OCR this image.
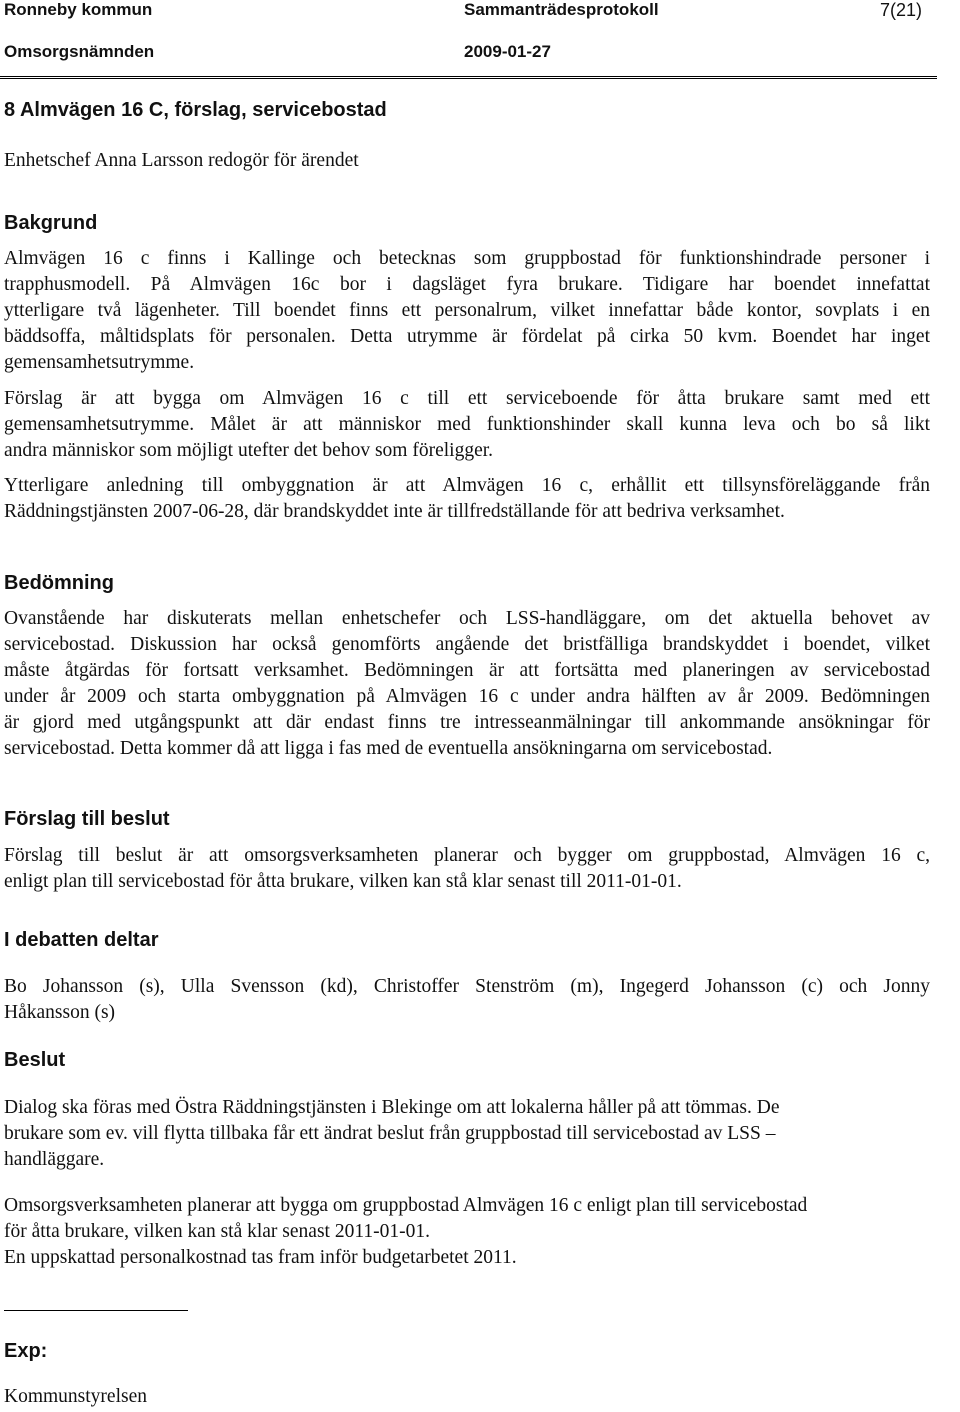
Ronneby kommun	Sammanträdesprotokoll	7(21)
Omsorgsnämnden	2009-01-27
8 Almvägen 16 C, förslag, servicebostad
Enhetschef Anna Larsson redogör för ärendet
Bakgrund
Almvägen 16 c finns i Kallinge och betecknas som gruppbostad för funktionshindrade personer i
trapphusmodell. På Almvägen 16c bor i dagsläget fyra brukare. Tidigare har boendet innefattat
ytterligare två lägenheter. Till boendet finns ett personalrum, vilket innefattar både kontor, sovplats i en
bäddsoffa, måltidsplats för personalen. Detta utrymme är fördelat på cirka 50 kvm. Boendet har inget
gemensamhetsutrymme.
Förslag är att bygga om Almvägen 16 c till ett serviceboende för åtta brukare samt med ett
gemensamhetsutrymme. Målet är att människor med funktionshinder skall kunna leva och bo så likt
andra människor som möjligt utefter det behov som föreligger.
Ytterligare anledning till ombyggnation är att Almvägen 16 c, erhållit ett tillsynsföreläggande från
Räddningstjänsten 2007-06-28, där brandskyddet inte är tillfredställande för att bedriva verksamhet.
Bedömning
Ovanstående har diskuterats mellan enhetschefer och LSS-handläggare, om det aktuella behovet av
servicebostad. Diskussion har också genomförts angående det bristfälliga brandskyddet i boendet, vilket
måste åtgärdas för fortsatt verksamhet. Bedömningen är att fortsätta med planeringen av servicebostad
under år 2009 och starta ombyggnation på Almvägen 16 c under andra hälften av år 2009. Bedömningen
är gjord med utgångspunkt att där endast finns tre intresseanmälningar till ankommande ansökningar för
servicebostad. Detta kommer då att ligga i fas med de eventuella ansökningarna om servicebostad.
Förslag till beslut
Förslag till beslut är att omsorgsverksamheten planerar och bygger om gruppbostad, Almvägen 16 c,
enligt plan till servicebostad för åtta brukare, vilken kan stå klar senast till 2011-01-01.
I debatten deltar
Bo Johansson (s), Ulla Svensson (kd), Christoffer Stenström (m), Ingegerd Johansson (c) och Jonny
Håkansson (s)
Beslut
Dialog ska föras med Östra Räddningstjänsten i Blekinge om att lokalerna håller på att tömmas. De
brukare som ev. vill flytta tillbaka får ett ändrat beslut från gruppbostad till servicebostad av LSS –
handläggare.
Omsorgsverksamheten planerar att bygga om gruppbostad Almvägen 16 c enligt plan till servicebostad
för åtta brukare, vilken kan stå klar senast 2011-01-01.
En uppskattad personalkostnad tas fram inför budgetarbetet 2011.
Exp:
Kommunstyrelsen
